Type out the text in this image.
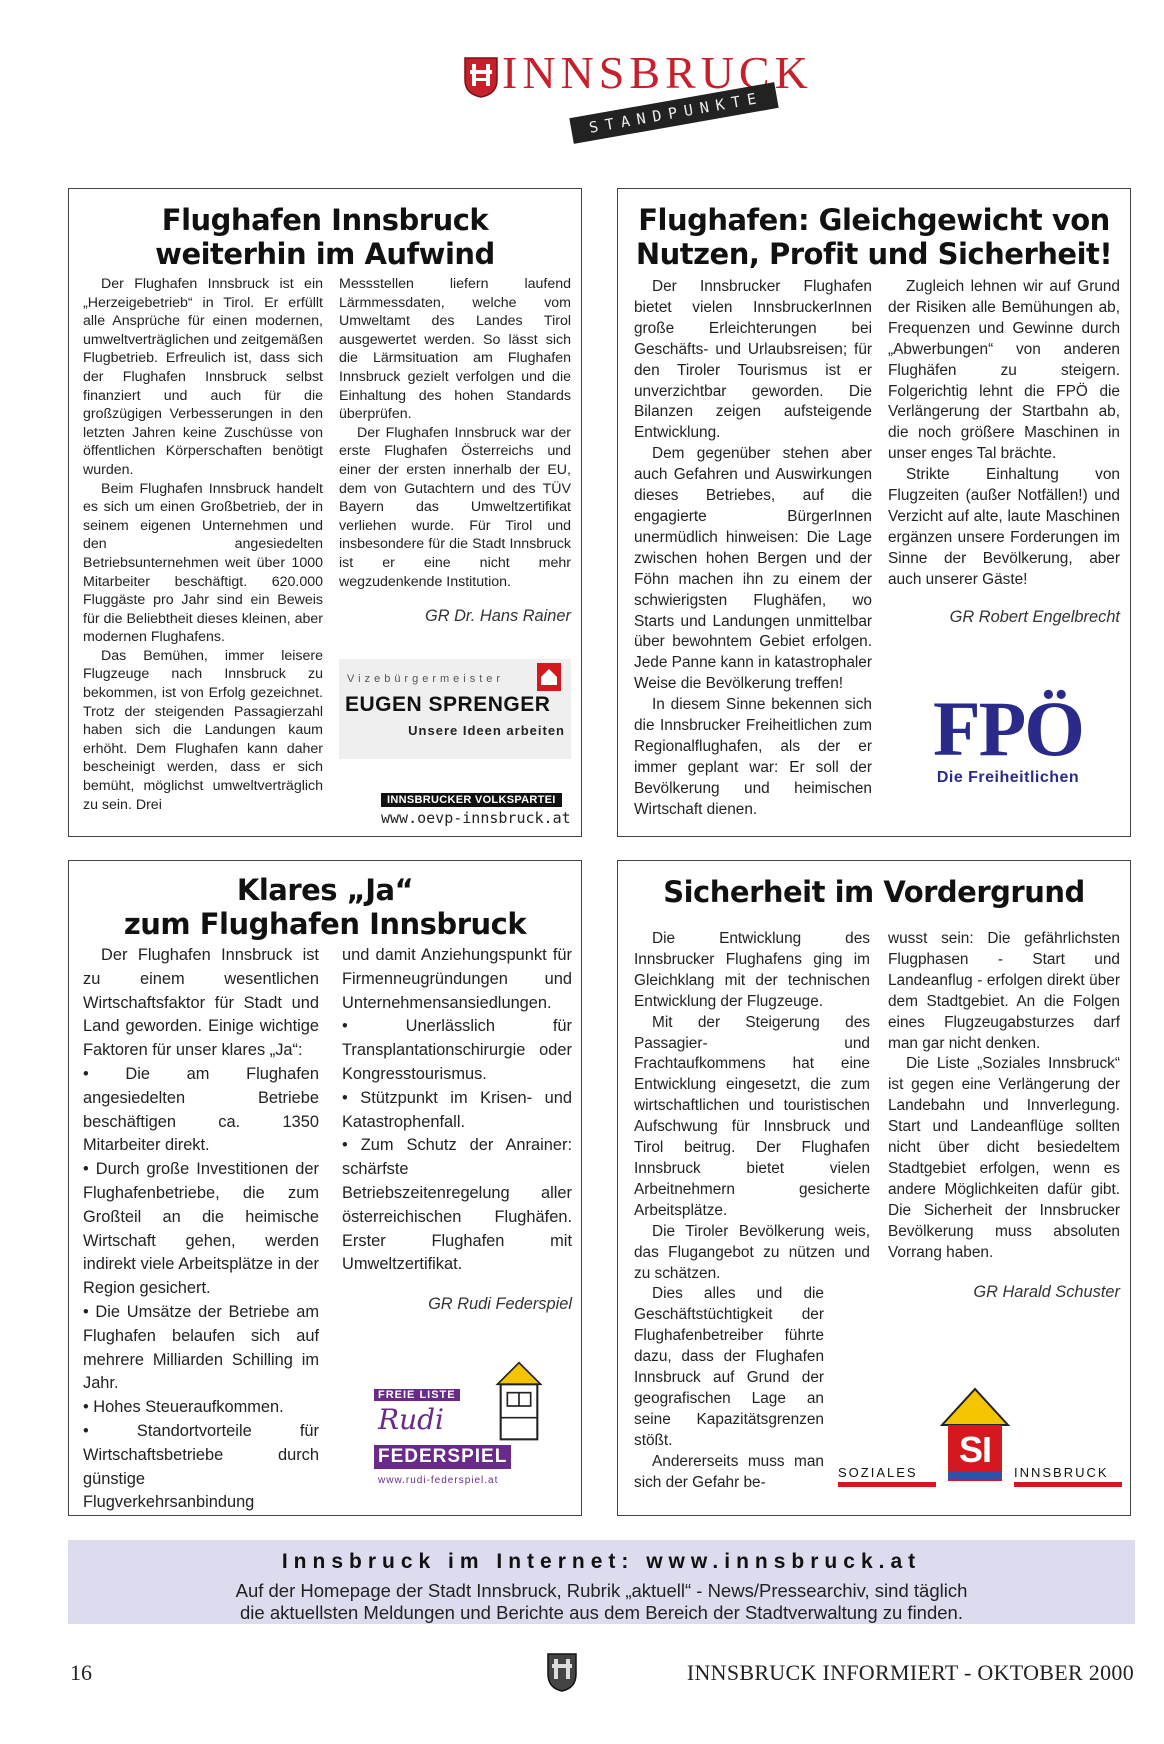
INNSBRUCK
STANDPUNKTE
Flughafen Innsbruck
weiterhin im Aufwind

Der Flughafen Innsbruck ist ein „Herzeigebetrieb“ in Tirol. Er erfüllt alle Ansprüche für einen modernen, umweltverträglichen und zeitgemäßen Flugbetrieb. Erfreulich ist, dass sich der Flughafen Innsbruck selbst finanziert und auch für die großzügigen Verbesserungen in den letzten Jahren keine Zuschüsse von öffentlichen Körperschaften benötigt wurden.

Beim Flughafen Innsbruck handelt es sich um einen Großbetrieb, der in seinem eigenen Unternehmen und den angesiedelten Betriebsunternehmen weit über 1000 Mitarbeiter beschäftigt. 620.000 Fluggäste pro Jahr sind ein Beweis für die Beliebtheit dieses kleinen, aber modernen Flughafens.

Das Bemühen, immer leisere Flugzeuge nach Innsbruck zu bekommen, ist von Erfolg gezeichnet. Trotz der steigenden Passagierzahl haben sich die Landungen kaum erhöht. Dem Flughafen kann daher bescheinigt werden, dass er sich bemüht, möglichst umweltverträglich zu sein. Drei

Messstellen liefern laufend Lärmmessdaten, welche vom Umweltamt des Landes Tirol ausgewertet werden. So lässt sich die Lärmsituation am Flughafen Innsbruck gezielt verfolgen und die Einhaltung des hohen Standards überprüfen.

Der Flughafen Innsbruck war der erste Flughafen Österreichs und einer der ersten innerhalb der EU, dem von Gutachtern und des TÜV Bayern das Umweltzertifikat verliehen wurde. Für Tirol und insbesondere für die Stadt Innsbruck ist er eine nicht mehr wegzudenkende Institution.

GR Dr. Hans Rainer

Vizebürgermeister
EUGEN SPRENGER
Unsere Ideen arbeiten
INNSBRUCKER VOLKSPARTEI
www.oevp-innsbruck.at
Flughafen: Gleichgewicht von
Nutzen, Profit und Sicherheit!

Der Innsbrucker Flughafen bietet vielen InnsbruckerInnen große Erleichterungen bei Geschäfts- und Urlaubsreisen; für den Tiroler Tourismus ist er unverzichtbar geworden. Die Bilanzen zeigen aufsteigende Entwicklung.

Dem gegenüber stehen aber auch Gefahren und Auswirkungen dieses Betriebes, auf die engagierte BürgerInnen unermüdlich hinweisen: Die Lage zwischen hohen Bergen und der Föhn machen ihn zu einem der schwierigsten Flughäfen, wo Starts und Landungen unmittelbar über bewohntem Gebiet erfolgen. Jede Panne kann in katastrophaler Weise die Bevölkerung treffen!

In diesem Sinne bekennen sich die Innsbrucker Freiheitlichen zum Regionalflughafen, als der er immer geplant war: Er soll der Bevölkerung und heimischen Wirtschaft dienen.

Zugleich lehnen wir auf Grund der Risiken alle Bemühungen ab, Frequenzen und Gewinne durch „Abwerbungen“ von anderen Flughäfen zu steigern. Folgerichtig lehnt die FPÖ die Verlängerung der Startbahn ab, die noch größere Maschinen in unser enges Tal brächte.

Strikte Einhaltung von Flugzeiten (außer Notfällen!) und Verzicht auf alte, laute Maschinen ergänzen unsere Forderungen im Sinne der Bevölkerung, aber auch unserer Gäste!

GR Robert Engelbrecht

FPÖ
Die Freiheitlichen
Klares „Ja“
zum Flughafen Innsbruck

Der Flughafen Innsbruck ist zu einem wesentlichen Wirtschaftsfaktor für Stadt und Land geworden. Einige wichtige Faktoren für unser klares „Ja“:

• Die am Flughafen angesiedelten Betriebe beschäftigen ca. 1350 Mitarbeiter direkt.

• Durch große Investitionen der Flughafenbetriebe, die zum Großteil an die heimische Wirtschaft gehen, werden indirekt viele Arbeitsplätze in der Region gesichert.

• Die Umsätze der Betriebe am Flughafen belaufen sich auf mehrere Milliarden Schilling im Jahr.

• Hohes Steueraufkommen.

• Standortvorteile für Wirtschaftsbetriebe durch günstige Flugverkehrsanbindung

und damit Anziehungspunkt für Firmenneugründungen und Unternehmensansiedlungen.

• Unerlässlich für Transplantationschirurgie oder Kongresstourismus.

• Stützpunkt im Krisen- und Katastrophenfall.

• Zum Schutz der Anrainer: schärfste Betriebszeitenregelung aller österreichischen Flughäfen. Erster Flughafen mit Umweltzertifikat.

GR Rudi Federspiel

FREIE LISTE
Rudi
FEDERSPIEL
www.rudi-federspiel.at
Sicherheit im Vordergrund

Die Entwicklung des Innsbrucker Flughafens ging im Gleichklang mit der technischen Entwicklung der Flugzeuge.

Mit der Steigerung des Passagier- und Frachtaufkommens hat eine Entwicklung eingesetzt, die zum wirtschaftlichen und touristischen Aufschwung für Innsbruck und Tirol beitrug. Der Flughafen Innsbruck bietet vielen Arbeitnehmern gesicherte Arbeitsplätze.

Die Tiroler Bevölkerung weis, das Flugangebot zu nützen und zu schätzen.

Dies alles und die Geschäftstüchtigkeit der Flughafenbetreiber führte dazu, dass der Flughafen Innsbruck auf Grund der geografischen Lage an seine Kapazitätsgrenzen stößt.

Andererseits muss man sich der Gefahr be-

wusst sein: Die gefährlichsten Flugphasen - Start und Landeanflug - erfolgen direkt über dem Stadtgebiet. An die Folgen eines Flugzeugabsturzes darf man gar nicht denken.

Die Liste „Soziales Innsbruck“ ist gegen eine Verlängerung der Landebahn und Innverlegung. Start und Landeanflüge sollten nicht über dicht besiedeltem Stadtgebiet erfolgen, wenn es andere Möglichkeiten dafür gibt. Die Sicherheit der Innsbrucker Bevölkerung muss absoluten Vorrang haben.

GR Harald Schuster

SI
SOZIALES	INNSBRUCK
Innsbruck im Internet: www.innsbruck.at
Auf der Homepage der Stadt Innsbruck, Rubrik „aktuell“ - News/Pressearchiv, sind täglich
die aktuellsten Meldungen und Berichte aus dem Bereich der Stadtverwaltung zu finden.
16	INNSBRUCK INFORMIERT - OKTOBER 2000
